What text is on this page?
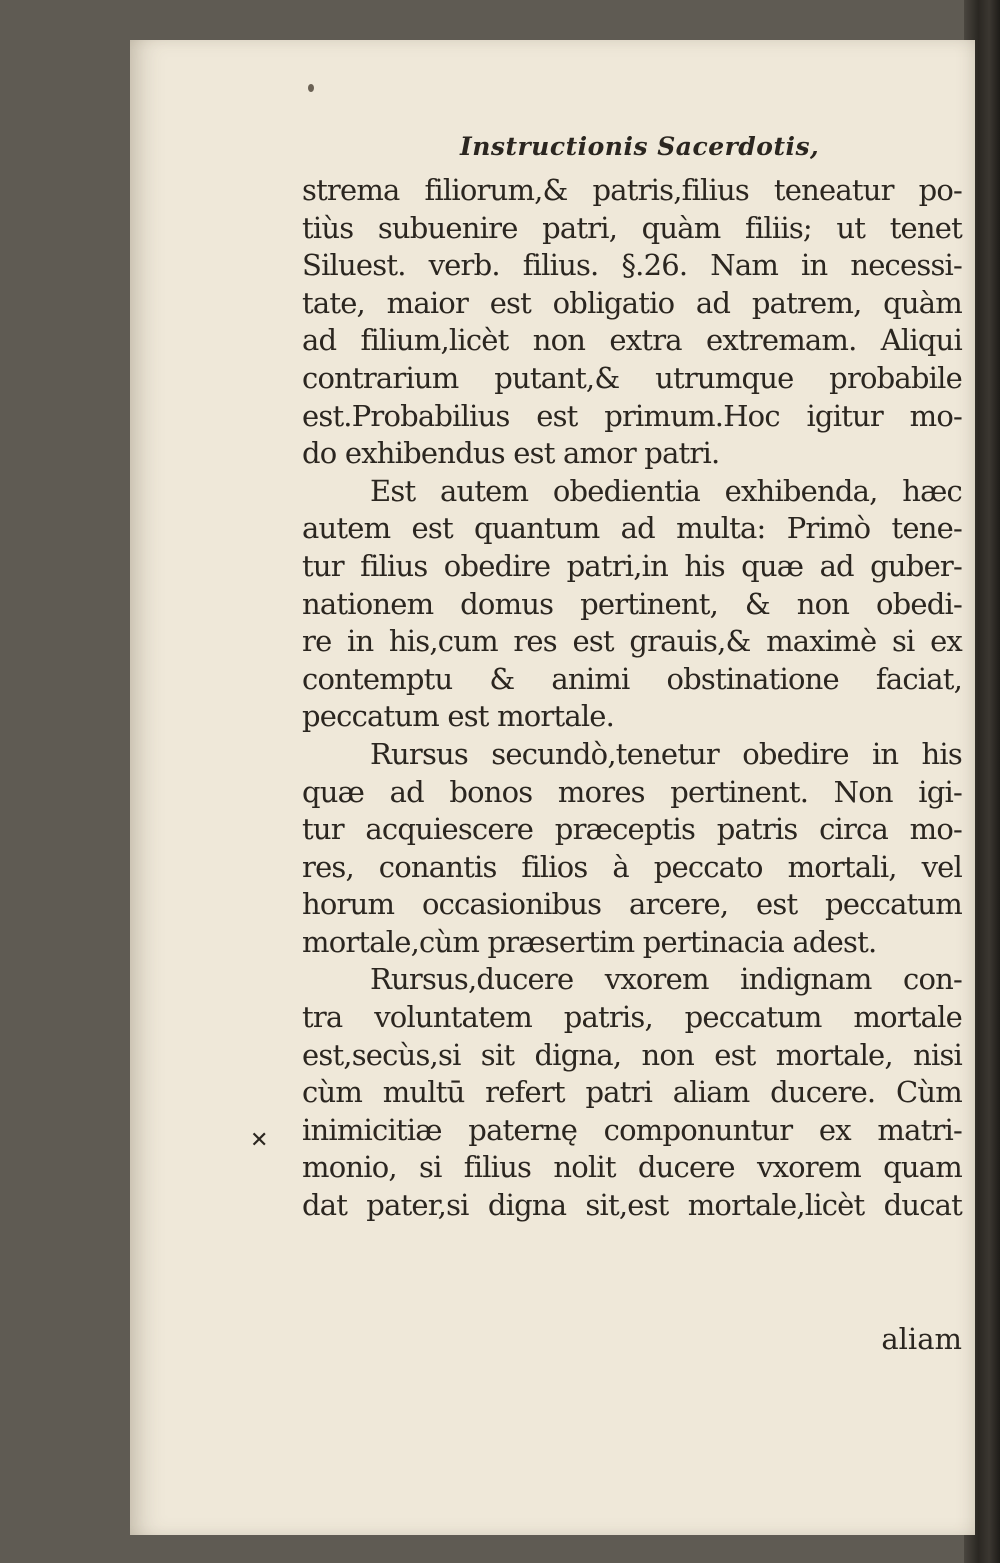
Instructionis Sacerdotis,
strema filiorum,& patris,filius teneatur po-
tiùs subuenire patri, quàm filiis; ut tenet
Siluest. verb. filius. §.26. Nam in necessi-
tate, maior est obligatio ad patrem, quàm
ad filium,licèt non extra extremam. Aliqui
contrarium putant,& utrumque probabile
est.Probabilius est primum.Hoc igitur mo-
do exhibendus est amor patri.
Est autem obedientia exhibenda, hæc
autem est quantum ad multa: Primò tene-
tur filius obedire patri,in his quæ ad guber-
nationem domus pertinent, & non obedi-
re in his,cum res est grauis,& maximè si ex
contemptu & animi obstinatione faciat,
peccatum est mortale.
Rursus secundò,tenetur obedire in his
quæ ad bonos mores pertinent. Non igi-
tur acquiescere præceptis patris circa mo-
res, conantis filios à peccato mortali, vel
horum occasionibus arcere, est peccatum
mortale,cùm præsertim pertinacia adest.
Rursus,ducere vxorem indignam con-
tra voluntatem patris, peccatum mortale
est,secùs,si sit digna, non est mortale, nisi
cùm multū refert patri aliam ducere. Cùm
inimicitiæ paternę componuntur ex matri-
monio, si filius nolit ducere vxorem quam
dat pater,si digna sit,est mortale,licèt ducat
aliam
✕
